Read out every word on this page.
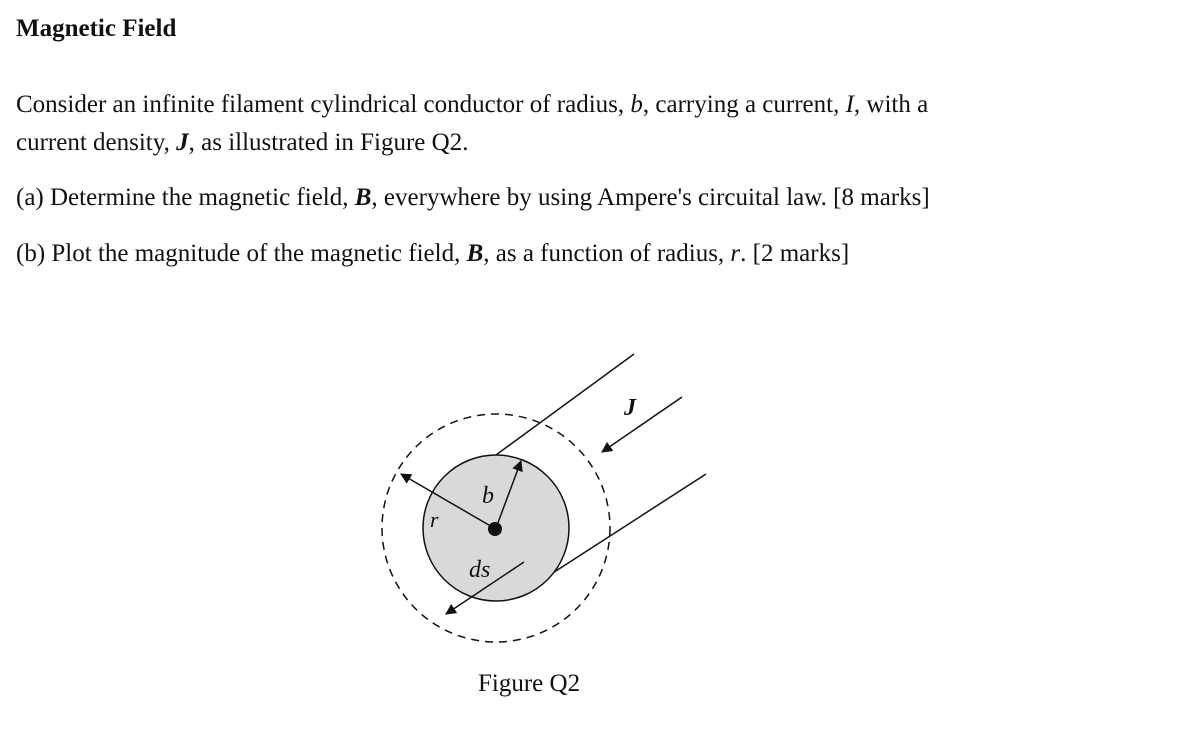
Magnetic Field

Consider an infinite filament cylindrical conductor of radius, b, carrying a current, I, with a
current density, J, as illustrated in Figure Q2.

(a) Determine the magnetic field, B, everywhere by using Ampere's circuital law. [8 marks]

(b) Plot the magnitude of the magnetic field, B, as a function of radius, r. [2 marks]

J
b
r
ds

Figure Q2
